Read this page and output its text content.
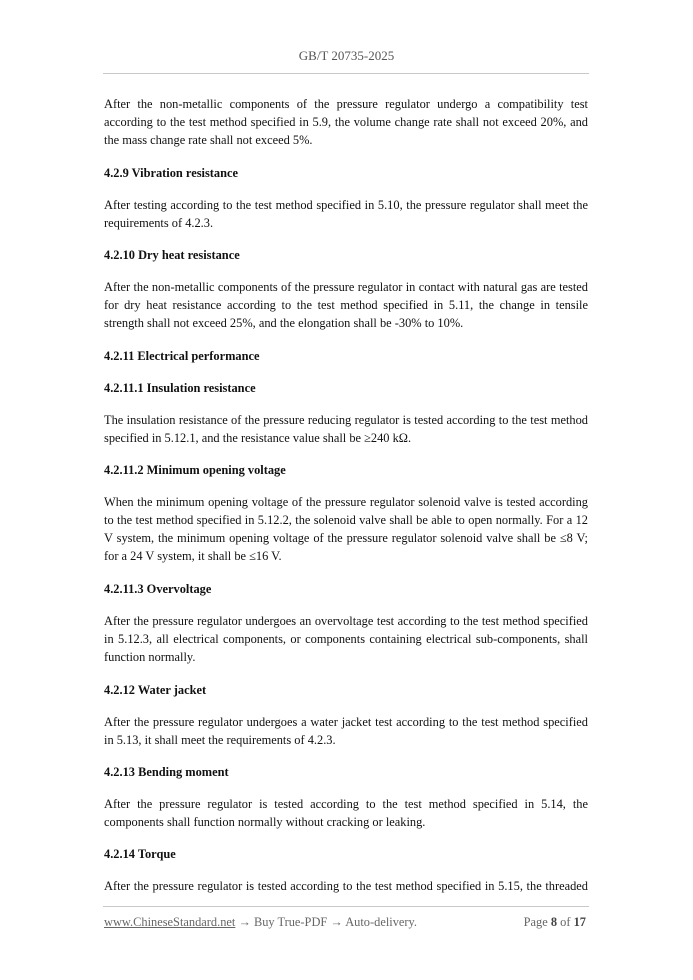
GB/T 20735-2025
After the non-metallic components of the pressure regulator undergo a compatibility test according to the test method specified in 5.9, the volume change rate shall not exceed 20%, and the mass change rate shall not exceed 5%.
4.2.9 Vibration resistance
After testing according to the test method specified in 5.10, the pressure regulator shall meet the requirements of 4.2.3.
4.2.10 Dry heat resistance
After the non-metallic components of the pressure regulator in contact with natural gas are tested for dry heat resistance according to the test method specified in 5.11, the change in tensile strength shall not exceed 25%, and the elongation shall be -30% to 10%.
4.2.11 Electrical performance
4.2.11.1 Insulation resistance
The insulation resistance of the pressure reducing regulator is tested according to the test method specified in 5.12.1, and the resistance value shall be ≥240 kΩ.
4.2.11.2 Minimum opening voltage
When the minimum opening voltage of the pressure regulator solenoid valve is tested according to the test method specified in 5.12.2, the solenoid valve shall be able to open normally. For a 12 V system, the minimum opening voltage of the pressure regulator solenoid valve shall be ≤8 V; for a 24 V system, it shall be ≤16 V.
4.2.11.3 Overvoltage
After the pressure regulator undergoes an overvoltage test according to the test method specified in 5.12.3, all electrical components, or components containing electrical sub-components, shall function normally.
4.2.12 Water jacket
After the pressure regulator undergoes a water jacket test according to the test method specified in 5.13, it shall meet the requirements of 4.2.3.
4.2.13 Bending moment
After the pressure regulator is tested according to the test method specified in 5.14, the components shall function normally without cracking or leaking.
4.2.14 Torque
After the pressure regulator is tested according to the test method specified in 5.15, the threaded
www.ChineseStandard.net → Buy True-PDF → Auto-delivery.	Page 8 of 17
